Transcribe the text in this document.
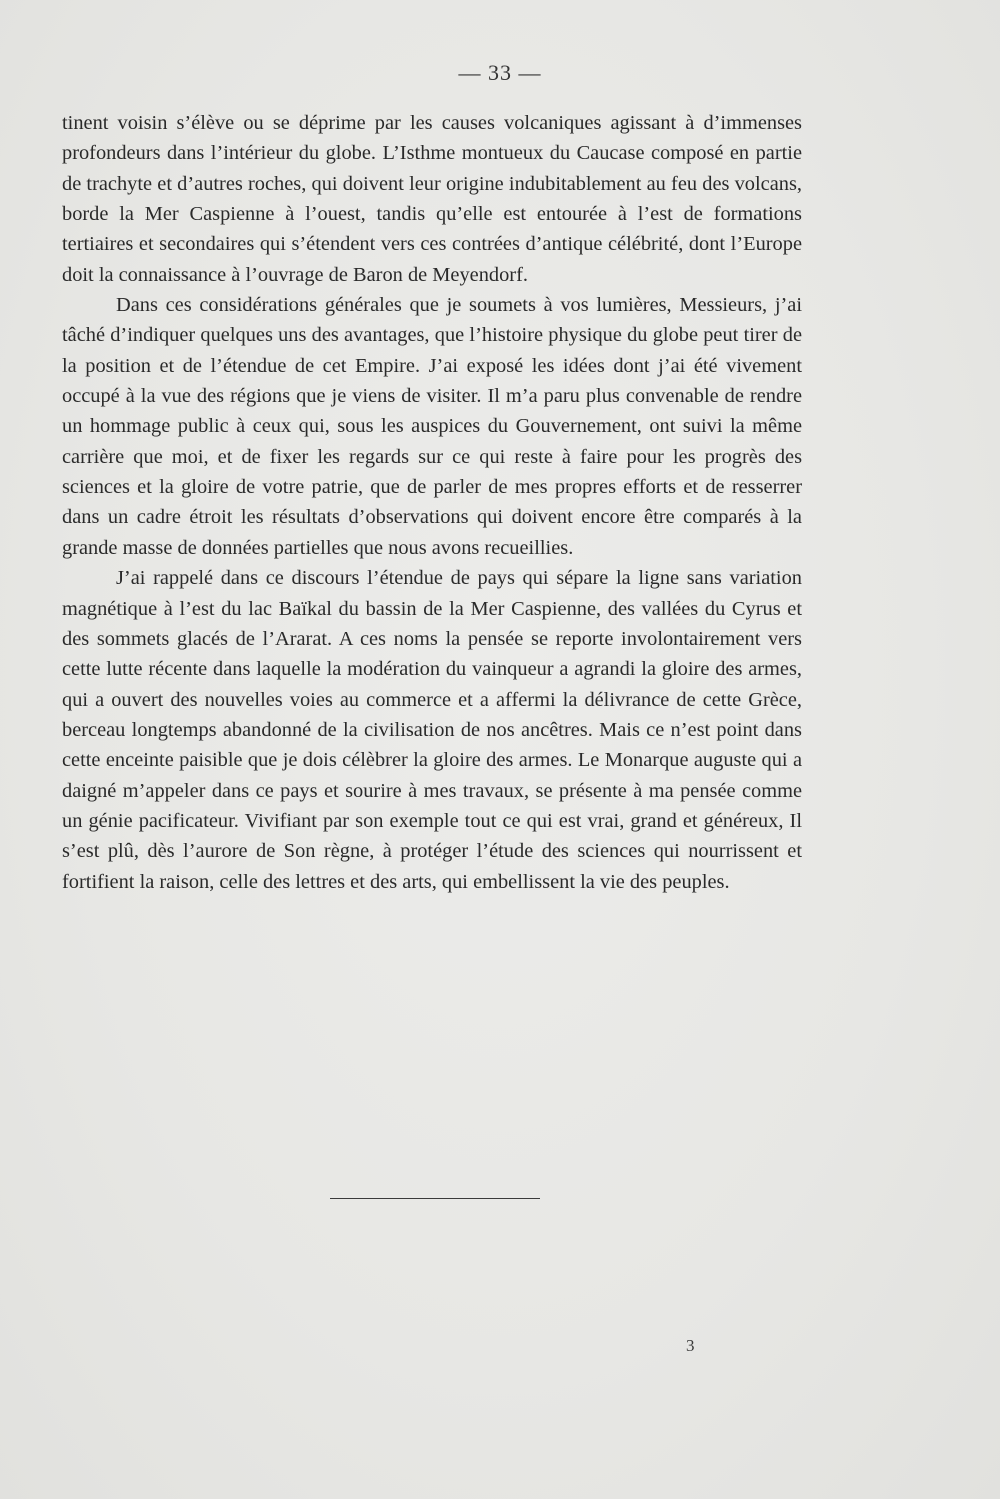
— 33 —

tinent voisin s’élève ou se déprime par les causes volcaniques agissant à d’immenses profondeurs dans l’intérieur du globe. L’Isthme montueux du Caucase composé en partie de trachyte et d’autres roches, qui doivent leur origine indubitablement au feu des volcans, borde la Mer Caspienne à l’ouest, tandis qu’elle est entourée à l’est de formations tertiaires et secondaires qui s’étendent vers ces contrées d’antique célébrité, dont l’Europe doit la connaissance à l’ouvrage de Baron de Meyendorf.

Dans ces considérations générales que je soumets à vos lumières, Messieurs, j’ai tâché d’indiquer quelques uns des avantages, que l’histoire physique du globe peut tirer de la position et de l’étendue de cet Empire. J’ai exposé les idées dont j’ai été vivement occupé à la vue des régions que je viens de visiter. Il m’a paru plus convenable de rendre un hommage public à ceux qui, sous les auspices du Gouvernement, ont suivi la même carrière que moi, et de fixer les regards sur ce qui reste à faire pour les progrès des sciences et la gloire de votre patrie, que de parler de mes propres efforts et de resserrer dans un cadre étroit les résultats d’observations qui doivent encore être comparés à la grande masse de données partielles que nous avons recueillies.

J’ai rappelé dans ce discours l’étendue de pays qui sépare la ligne sans variation magnétique à l’est du lac Baïkal du bassin de la Mer Caspienne, des vallées du Cyrus et des sommets glacés de l’Ararat. A ces noms la pensée se reporte involontairement vers cette lutte récente dans laquelle la modération du vainqueur a agrandi la gloire des armes, qui a ouvert des nouvelles voies au commerce et a affermi la délivrance de cette Grèce, berceau longtemps abandonné de la civilisation de nos ancêtres. Mais ce n’est point dans cette enceinte paisible que je dois célèbrer la gloire des armes. Le Monarque auguste qui a daigné m’appeler dans ce pays et sourire à mes travaux, se présente à ma pensée comme un génie pacificateur. Vivifiant par son exemple tout ce qui est vrai, grand et généreux, Il s’est plû, dès l’aurore de Son règne, à protéger l’étude des sciences qui nourrissent et fortifient la raison, celle des lettres et des arts, qui embellissent la vie des peuples.

3
